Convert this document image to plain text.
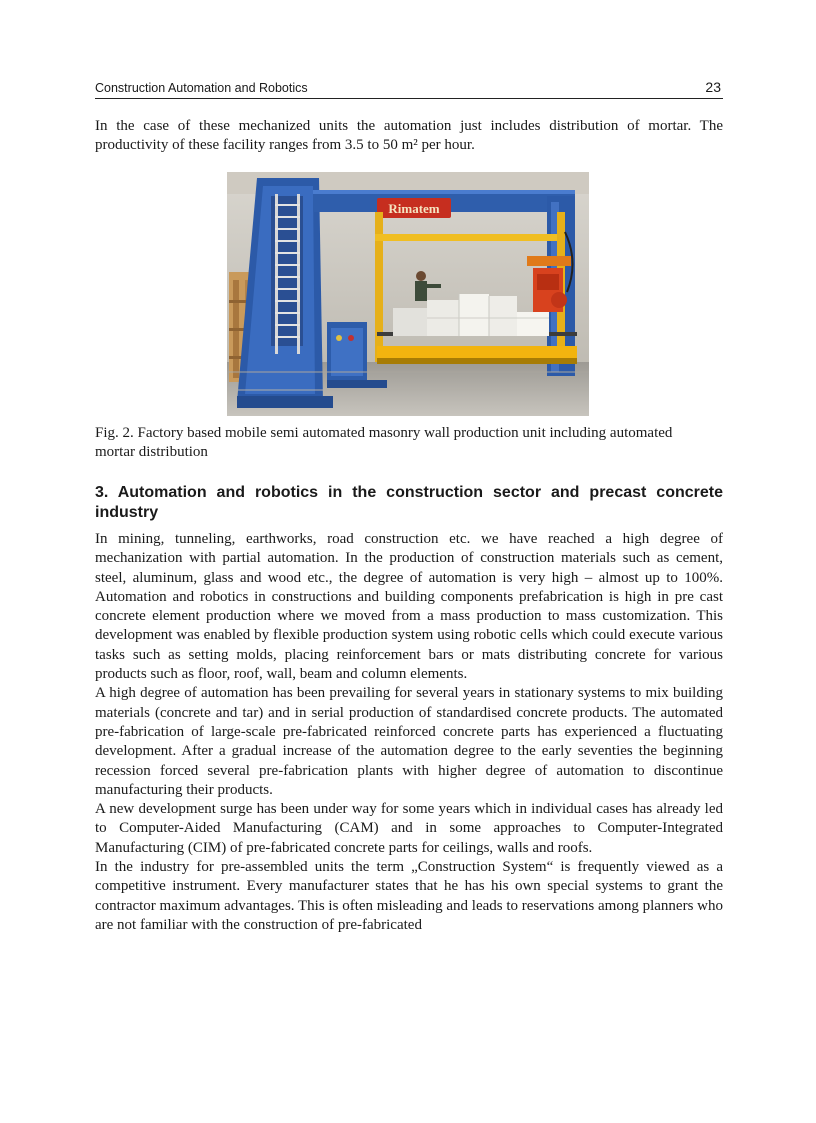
Construction Automation and Robotics	23

In the case of these mechanized units the automation just includes distribution of mortar. The productivity of these facility ranges from 3.5 to 50 m² per hour.

Rimatem
Fig. 2. Factory based mobile semi automated masonry wall production unit including automated mortar distribution
3. Automation and robotics in the construction sector and precast concrete industry

In mining, tunneling, earthworks, road construction etc. we have reached a high degree of mechanization with partial automation. In the production of construction materials such as cement, steel, aluminum, glass and wood etc., the degree of automation is very high – almost up to 100%. Automation and robotics in constructions and building components prefabrication is high in pre cast concrete element production where we moved from a mass production to mass customization. This development was enabled by flexible production system using robotic cells which could execute various tasks such as setting molds, placing reinforcement bars or mats distributing concrete for various products such as floor, roof, wall, beam and column elements.

A high degree of automation has been prevailing for several years in stationary systems to mix building materials (concrete and tar) and in serial production of standardised concrete products. The automated pre-fabrication of large-scale pre-fabricated reinforced concrete parts has experienced a fluctuating development. After a gradual increase of the automation degree to the early seventies the beginning recession forced several pre-fabrication plants with higher degree of automation to discontinue manufacturing their products.

A new development surge has been under way for some years which in individual cases has already led to Computer-Aided Manufacturing (CAM) and in some approaches to Computer-Integrated Manufacturing (CIM) of pre-fabricated concrete parts for ceilings, walls and roofs.

In the industry for pre-assembled units the term „Construction System“ is frequently viewed as a competitive instrument. Every manufacturer states that he has his own special systems to grant the contractor maximum advantages. This is often misleading and leads to reservations among planners who are not familiar with the construction of pre-fabricated
